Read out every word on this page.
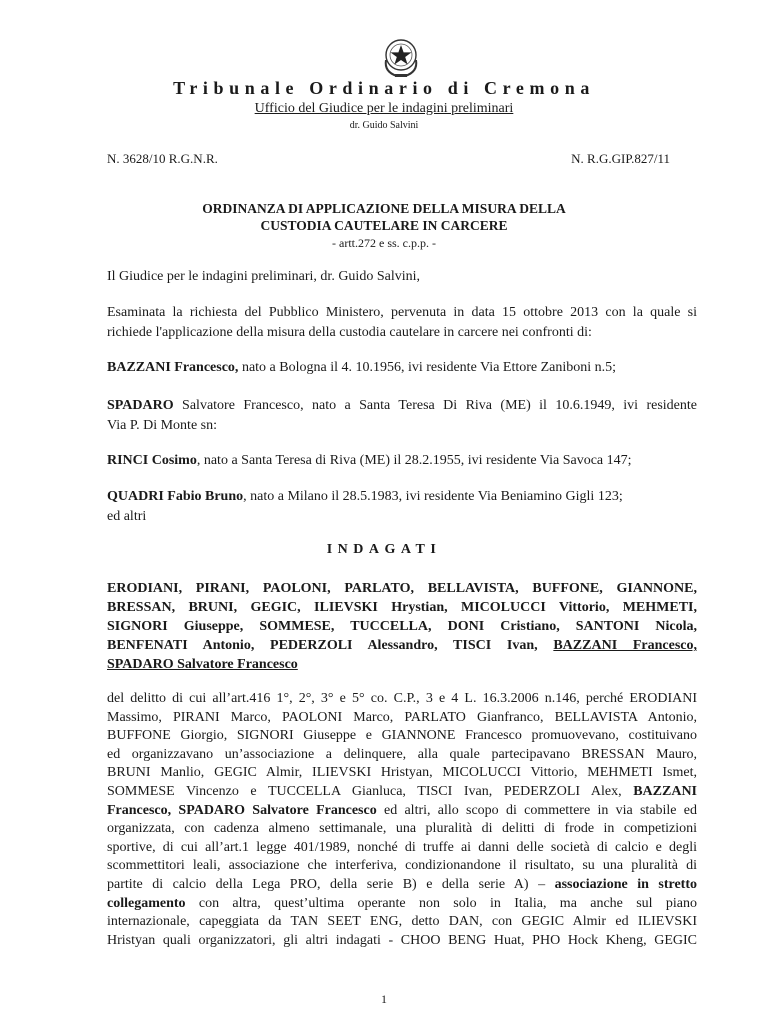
Tribunale Ordinario di Cremona
Ufficio del Giudice per le indagini preliminari
dr. Guido Salvini
N. 3628/10 R.G.N.R.	N. R.G.GIP.827/11
ORDINANZA DI APPLICAZIONE DELLA MISURA DELLA
CUSTODIA CAUTELARE IN CARCERE
- artt.272 e ss. c.p.p. -
Il Giudice per le indagini preliminari, dr. Guido Salvini,
Esaminata la richiesta del Pubblico Ministero, pervenuta in data 15 ottobre 2013 con la quale si
richiede l'applicazione della misura della custodia cautelare in carcere nei confronti di:
BAZZANI Francesco, nato a Bologna il 4. 10.1956, ivi residente Via Ettore Zaniboni n.5;
SPADARO Salvatore Francesco, nato a Santa Teresa Di Riva (ME) il 10.6.1949, ivi residente
Via P. Di Monte sn:
RINCI Cosimo, nato a Santa Teresa di Riva (ME) il 28.2.1955, ivi residente Via Savoca 147;
QUADRI Fabio Bruno, nato a Milano il 28.5.1983, ivi residente Via Beniamino Gigli 123;
ed altri
INDAGATI
ERODIANI, PIRANI, PAOLONI, PARLATO, BELLAVISTA, BUFFONE, GIANNONE,
BRESSAN, BRUNI, GEGIC, ILIEVSKI Hrystian, MICOLUCCI Vittorio, MEHMETI,
SIGNORI Giuseppe, SOMMESE, TUCCELLA, DONI Cristiano, SANTONI Nicola,
BENFENATI Antonio, PEDERZOLI Alessandro, TISCI Ivan, BAZZANI Francesco,
SPADARO Salvatore Francesco
del delitto di cui all’art.416 1°, 2°, 3° e 5° co. C.P., 3 e 4 L. 16.3.2006 n.146, perché ERODIANI
Massimo, PIRANI Marco, PAOLONI Marco, PARLATO Gianfranco, BELLAVISTA Antonio,
BUFFONE Giorgio, SIGNORI Giuseppe e GIANNONE Francesco promuovevano, costituivano
ed organizzavano un’associazione a delinquere, alla quale partecipavano BRESSAN Mauro,
BRUNI Manlio, GEGIC Almir, ILIEVSKI Hristyan, MICOLUCCI Vittorio, MEHMETI Ismet,
SOMMESE Vincenzo e TUCCELLA Gianluca, TISCI Ivan, PEDERZOLI Alex, BAZZANI
Francesco, SPADARO Salvatore Francesco ed altri, allo scopo di commettere in via stabile ed
organizzata, con cadenza almeno settimanale, una pluralità di delitti di frode in competizioni
sportive, di cui all’art.1 legge 401/1989, nonché di truffe ai danni delle società di calcio e degli
scommettitori leali, associazione che interferiva, condizionandone il risultato, su una pluralità di
partite di calcio della Lega PRO, della serie B) e della serie A) – associazione in stretto
collegamento con altra, quest’ultima operante non solo in Italia, ma anche sul piano
internazionale, capeggiata da TAN SEET ENG, detto DAN, con GEGIC Almir ed ILIEVSKI
Hristyan quali organizzatori, gli altri indagati - CHOO BENG Huat, PHO Hock Kheng, GEGIC
1
